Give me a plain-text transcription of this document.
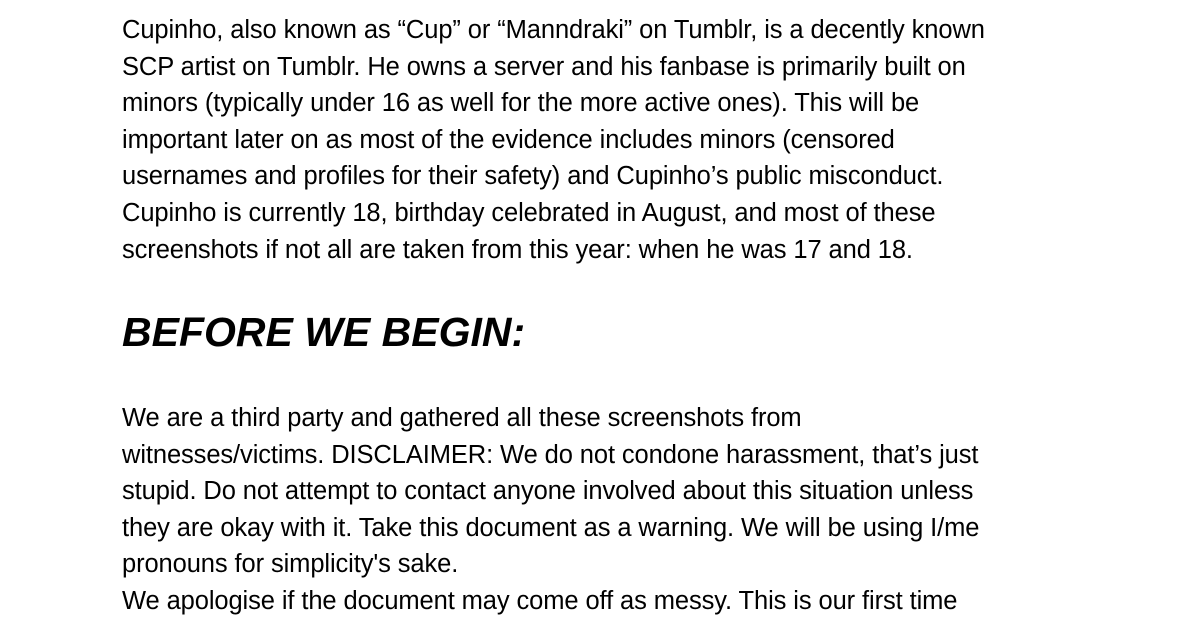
Cupinho, also known as “Cup” or “Manndraki” on Tumblr, is a decently known
SCP artist on Tumblr. He owns a server and his fanbase is primarily built on
minors (typically under 16 as well for the more active ones). This will be
important later on as most of the evidence includes minors (censored
usernames and profiles for their safety) and Cupinho’s public misconduct.
Cupinho is currently 18, birthday celebrated in August, and most of these
screenshots if not all are taken from this year: when he was 17 and 18.

BEFORE WE BEGIN:

We are a third party and gathered all these screenshots from
witnesses/victims. DISCLAIMER: We do not condone harassment, that’s just
stupid. Do not attempt to contact anyone involved about this situation unless
they are okay with it. Take this document as a warning. We will be using I/me
pronouns for simplicity's sake.
We apologise if the document may come off as messy. This is our first time
